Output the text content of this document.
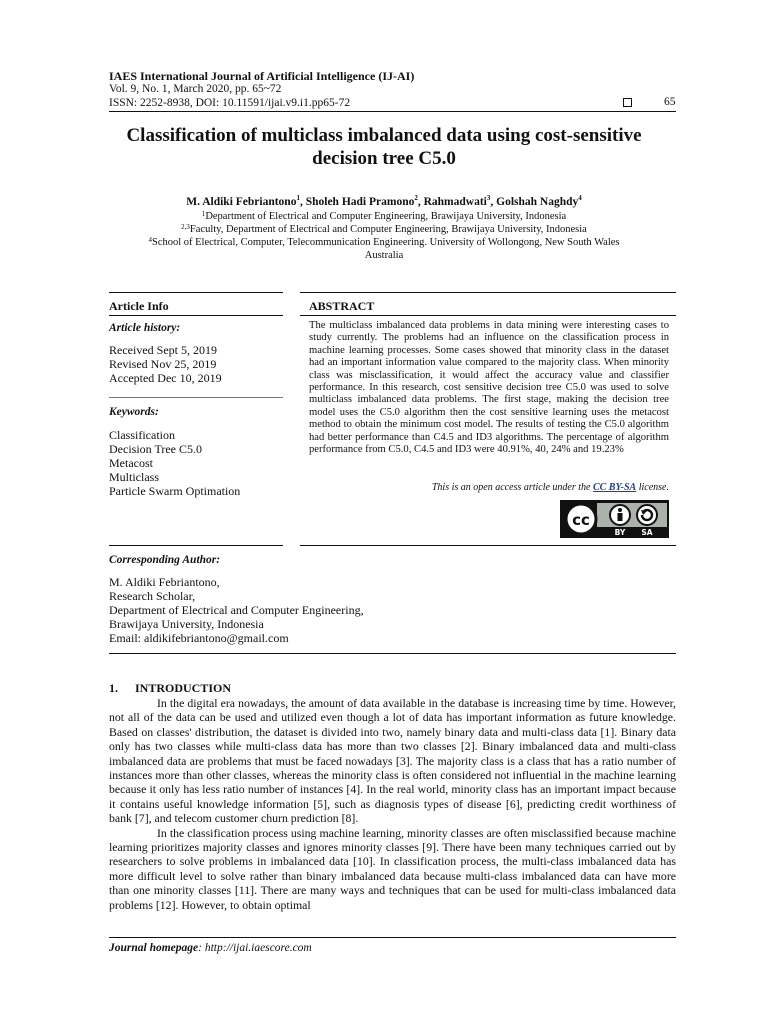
IAES International Journal of Artificial Intelligence (IJ-AI)
Vol. 9, No. 1, March 2020, pp. 65~72
ISSN: 2252-8938, DOI: 10.11591/ijai.v9.i1.pp65-72	65
Classification of multiclass imbalanced data using cost-sensitive
decision tree C5.0
M. Aldiki Febriantono$^1$, Sholeh Hadi Pramono$^2$, Rahmadwati$^3$, Golshah Naghdy$^4$
$^1$Department of Electrical and Computer Engineering, Brawijaya University, Indonesia
$^{2,3}$Faculty, Department of Electrical and Computer Engineering, Brawijaya University, Indonesia
$^4$School of Electrical, Computer, Telecommunication Engineering. University of Wollongong, New South Wales
Australia
Article Info
Article history:
Received Sept 5, 2019
Revised Nov 25, 2019
Accepted Dec 10, 2019
Keywords:
Classification
Decision Tree C5.0
Metacost
Multiclass
Particle Swarm Optimation
ABSTRACT
The multiclass imbalanced data problems in data mining were interesting cases to study currently. The problems had an influence on the classification process in machine learning processes. Some cases showed that minority class in the dataset had an important information value compared to the majority class. When minority class was misclassification, it would affect the accuracy value and classifier performance. In this research, cost sensitive decision tree C5.0 was used to solve multiclass imbalanced data problems. The first stage, making the decision tree model uses the C5.0 algorithm then the cost sensitive learning uses the metacost method to obtain the minimum cost model. The results of testing the C5.0 algorithm had better performance than C4.5 and ID3 algorithms. The percentage of algorithm performance from C5.0, C4.5 and ID3 were 40.91%, 40, 24% and 19.23%
This is an open access article under the CC BY-SA license.
cc
BY SA
Corresponding Author:
M. Aldiki Febriantono,
Research Scholar,
Department of Electrical and Computer Engineering,
Brawijaya University, Indonesia
Email: aldikifebriantono@gmail.com
1. INTRODUCTION

In the digital era nowadays, the amount of data available in the database is increasing time by time. However, not all of the data can be used and utilized even though a lot of data has important information as future knowledge. Based on classes' distribution, the dataset is divided into two, namely binary data and multi-class data [1]. Binary data only has two classes while multi-class data has more than two classes [2]. Binary imbalanced data and multi-class imbalanced data are problems that must be faced nowadays [3]. The majority class is a class that has a ratio number of instances more than other classes, whereas the minority class is often considered not influential in the machine learning because it only has less ratio number of instances [4]. In the real world, minority class has an important impact because it contains useful knowledge information [5], such as diagnosis types of disease [6], predicting credit worthiness of bank [7], and telecom customer churn prediction [8].

In the classification process using machine learning, minority classes are often misclassified because machine learning prioritizes majority classes and ignores minority classes [9]. There have been many techniques carried out by researchers to solve problems in imbalanced data [10]. In classification process, the multi-class imbalanced data has more difficult level to solve rather than binary imbalanced data because multi-class imbalanced data can have more than one minority classes [11]. There are many ways and techniques that can be used for multi-class imbalanced data problems [12]. However, to obtain optimal

Journal homepage: http://ijai.iaescore.com
